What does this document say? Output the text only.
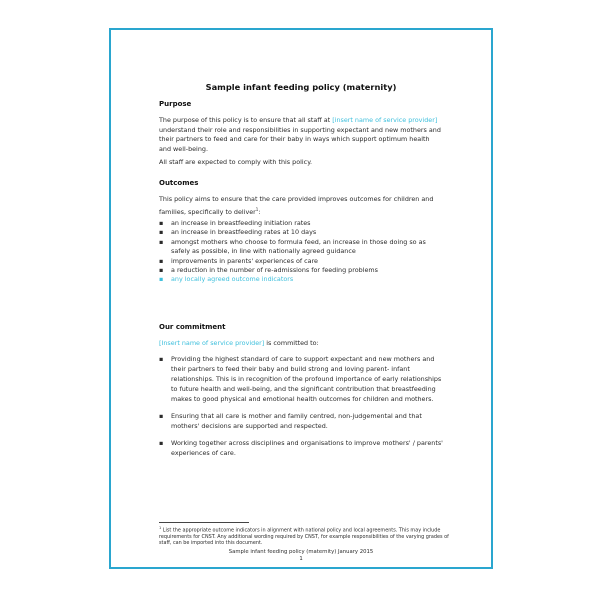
Sample infant feeding policy (maternity)
Purpose
The purpose of this policy is to ensure that all staff at [insert name of service provider] understand their role and responsibilities in supporting expectant and new mothers and their partners to feed and care for their baby in ways which support optimum health and well-being.
All staff are expected to comply with this policy.
Outcomes
This policy aims to ensure that the care provided improves outcomes for children and families, specifically to deliver$^1$:
▪ an increase in breastfeeding initiation rates
▪ an increase in breastfeeding rates at 10 days
▪ amongst mothers who choose to formula feed, an increase in those doing so as safely as possible, in line with nationally agreed guidance
▪ improvements in parents' experiences of care
▪ a reduction in the number of re-admissions for feeding problems
▪ any locally agreed outcome indicators
Our commitment
[Insert name of service provider] is committed to:
▪ Providing the highest standard of care to support expectant and new mothers and their partners to feed their baby and build strong and loving parent- infant relationships. This is in recognition of the profound importance of early relationships to future health and well-being, and the significant contribution that breastfeeding makes to good physical and emotional health outcomes for children and mothers.
▪ Ensuring that all care is mother and family centred, non-judgemental and that mothers' decisions are supported and respected.
▪ Working together across disciplines and organisations to improve mothers' / parents' experiences of care.
$^1$ List the appropriate outcome indicators in alignment with national policy and local agreements. This may include requirements for CNST. Any additional wording required by CNST, for example responsibilities of the varying grades of staff, can be imported into this document.
Sample infant feeding policy (maternity) January 2015
1
